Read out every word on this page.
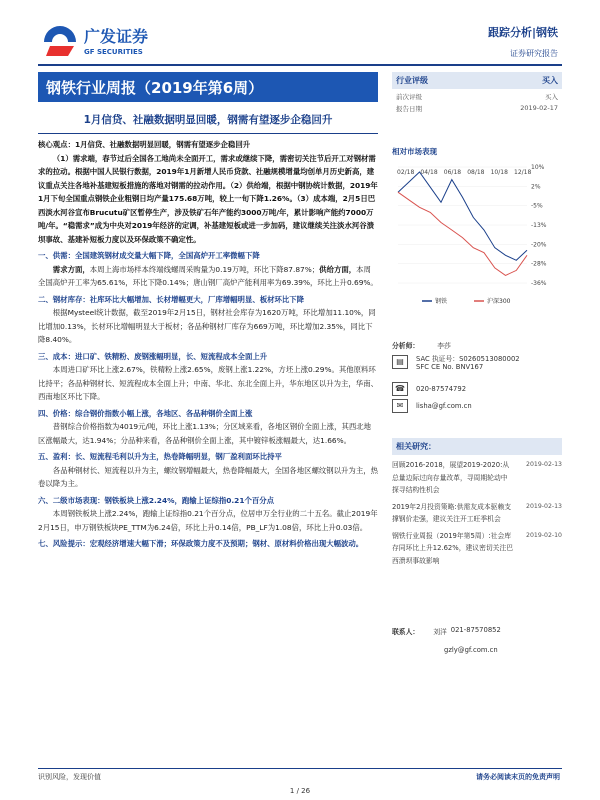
广发证券
GF SECURITIES
跟踪分析|钢铁
证券研究报告
钢铁行业周报（2019年第6周）
1月信贷、社融数据明显回暖，钢需有望逐步企稳回升

核心观点：1月信贷、社融数据明显回暖，钢需有望逐步企稳回升

（1）需求端，春节过后全国各工地尚未全面开工，需求或继续下降，需密切关注节后开工对钢材需求的拉动。根据中国人民银行数据，2019年1月新增人民币贷款、社融规模增量均创单月历史新高，建议重点关注各地补基建短板措施的落地对钢需的拉动作用。（2）供给端，根据中钢协统计数据，2019年1月下旬全国重点钢铁企业粗钢日均产量175.68万吨，较上一旬下降1.26%。（3）成本端，2月5日巴西淡水河谷宣布Brucutu矿区暂停生产，涉及铁矿石年产能约3000万吨/年，累计影响产能约7000万吨/年。“稳需求”成为中央对2019年经济的定调，补基建短板或进一步加码，建议继续关注淡水河谷溃坝事故、基建补短板力度以及环保政策不确定性。

一、供需：全国建筑钢材成交量大幅下降，全国高炉开工率微幅下降

需求方面，本周上海市场样本终端线螺周采购量为0.19万吨，环比下降87.87%；供给方面，本周全国高炉开工率为65.61%，环比下降0.14%；唐山钢厂高炉产能利用率为69.39%，环比上升0.69%。

二、钢材库存：社库环比大幅增加、长材增幅更大，厂库增幅明显、板材环比下降

根据Mysteel统计数据，截至2019年2月15日，钢材社会库存为1620万吨，环比增加11.10%，同比增加0.13%，长材环比增幅明显大于板材；各品种钢材厂库存为669万吨，环比增加2.35%，同比下降8.40%。

三、成本：进口矿、铁精粉、废钢涨幅明显，长、短流程成本全面上升

本周进口矿环比上涨2.67%，铁精粉上涨2.65%，废钢上涨1.22%，方坯上涨0.29%。其他原料环比持平；各品种钢材长、短流程成本全面上升；中南、华北、东北全面上升，华东地区以升为主，华南、西南地区环比下降。

四、价格：综合钢价指数小幅上涨，各地区、各品种钢价全面上涨

普钢综合价格指数为4019元/吨，环比上涨1.13%；分区域来看，各地区钢价全面上涨，其西北地区涨幅最大，达1.94%；分品种来看，各品种钢价全面上涨，其中镀锌板涨幅最大，达1.66%。

五、盈利：长、短流程毛利以升为主，热卷降幅明显，钢厂盈利面环比持平

各品种钢材长、短流程以升为主，螺纹钢增幅最大，热卷降幅最大，全国各地区螺纹钢以升为主，热卷以降为主。

六、二级市场表现：钢铁板块上涨2.24%，跑输上证综指0.21个百分点

本周钢铁板块上涨2.24%，跑输上证综指0.21个百分点，位居申万全行业的二十五名。截止2019年2月15日，申万钢铁板块PE_TTM为6.24倍，环比上升0.14倍，PB_LF为1.08倍，环比上升0.03倍。

七、风险提示：宏观经济增速大幅下滑；环保政策力度不及预期；钢材、原材料价格出现大幅波动。

行业评级	买入
前次评级	买入
报告日期	2019-02-17
相对市场表现
10%
2%
-5%
-13%
-20%
-28%
-36%
02/18 04/18 06/18 08/18 10/18 12/18
钢铁	沪深300
分析师：	李莎
▤	SAC 执证号：S0260513080002
SFC CE No. BNV167
☎	020-87574792
✉	lisha@gf.com.cn
相关研究：
回顾2016-2018，展望2019-2020:从总量边际过向存量改革，寻周期轮动中探寻结构性机会
2019-02-13
2019年2月投资策略:供需友成本驱赖支撑钢价走强，建议关注开工旺季机会
2019-02-13
钢铁行业周报（2019年第5周）:社会库存同环比上升12.62%，建议密切关注巴西溃坝事故影响
2019-02-10
联系人： 刘洋 021-87570852
gzly@gf.com.cn
识别风险，发现价值	请务必阅读末页的免责声明
1 / 26
